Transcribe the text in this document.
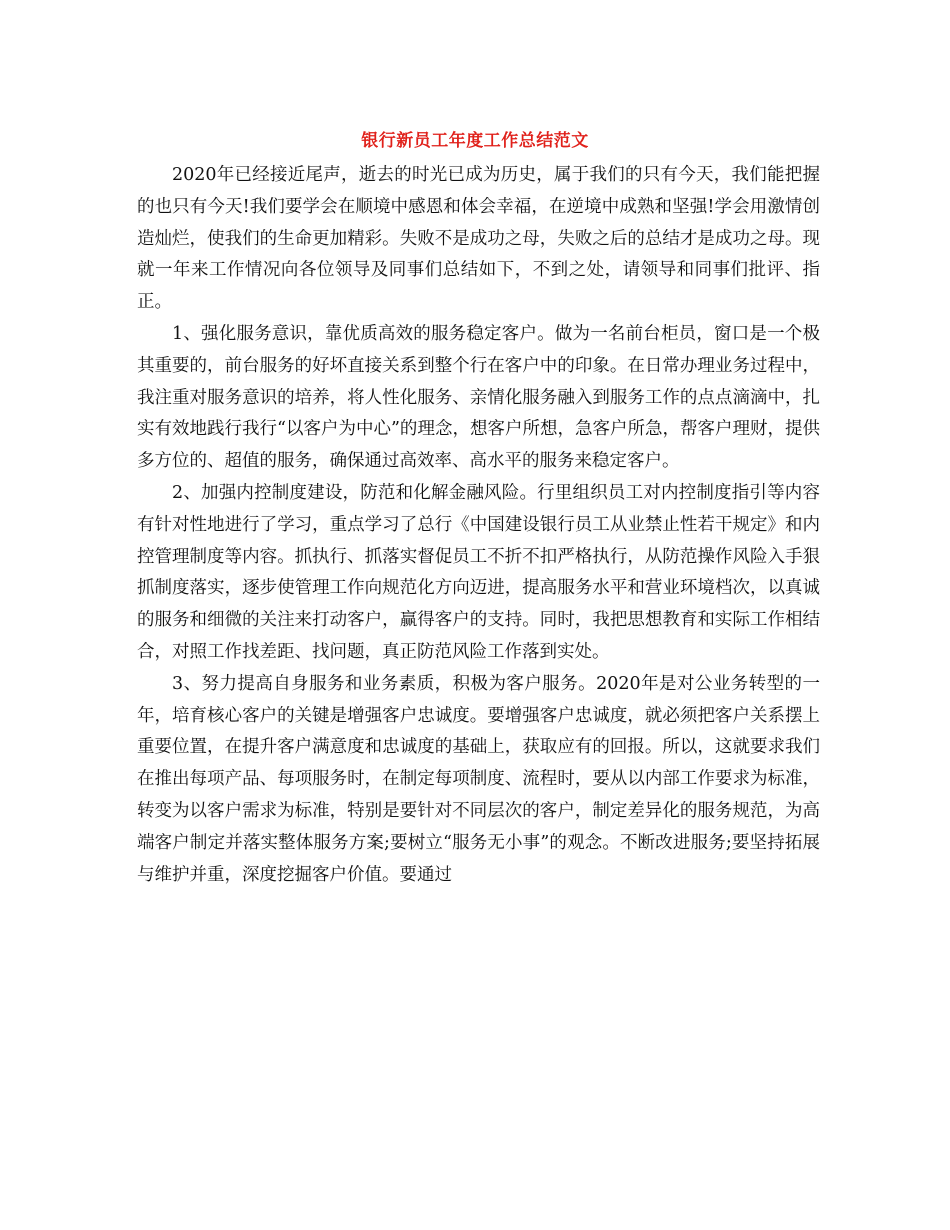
银行新员工年度工作总结范文

2020年已经接近尾声，逝去的时光已成为历史，属于我们的只有今天，我们能把握的也只有今天!我们要学会在顺境中感恩和体会幸福，在逆境中成熟和坚强!学会用激情创造灿烂，使我们的生命更加精彩。失败不是成功之母，失败之后的总结才是成功之母。现就一年来工作情况向各位领导及同事们总结如下，不到之处，请领导和同事们批评、指正。

1、强化服务意识，靠优质高效的服务稳定客户。做为一名前台柜员，窗口是一个极其重要的，前台服务的好坏直接关系到整个行在客户中的印象。在日常办理业务过程中，我注重对服务意识的培养，将人性化服务、亲情化服务融入到服务工作的点点滴滴中，扎实有效地践行我行“以客户为中心”的理念，想客户所想，急客户所急，帮客户理财，提供多方位的、超值的服务，确保通过高效率、高水平的服务来稳定客户。

2、加强内控制度建设，防范和化解金融风险。行里组织员工对内控制度指引等内容有针对性地进行了学习，重点学习了总行《中国建设银行员工从业禁止性若干规定》和内控管理制度等内容。抓执行、抓落实督促员工不折不扣严格执行，从防范操作风险入手狠抓制度落实，逐步使管理工作向规范化方向迈进，提高服务水平和营业环境档次，以真诚的服务和细微的关注来打动客户，赢得客户的支持。同时，我把思想教育和实际工作相结合，对照工作找差距、找问题，真正防范风险工作落到实处。

3、努力提高自身服务和业务素质，积极为客户服务。2020年是对公业务转型的一年，培育核心客户的关键是增强客户忠诚度。要增强客户忠诚度，就必须把客户关系摆上重要位置，在提升客户满意度和忠诚度的基础上，获取应有的回报。所以，这就要求我们在推出每项产品、每项服务时，在制定每项制度、流程时，要从以内部工作要求为标准，转变为以客户需求为标准，特别是要针对不同层次的客户，制定差异化的服务规范，为高端客户制定并落实整体服务方案;要树立“服务无小事”的观念。不断改进服务;要坚持拓展与维护并重，深度挖掘客户价值。要通过
